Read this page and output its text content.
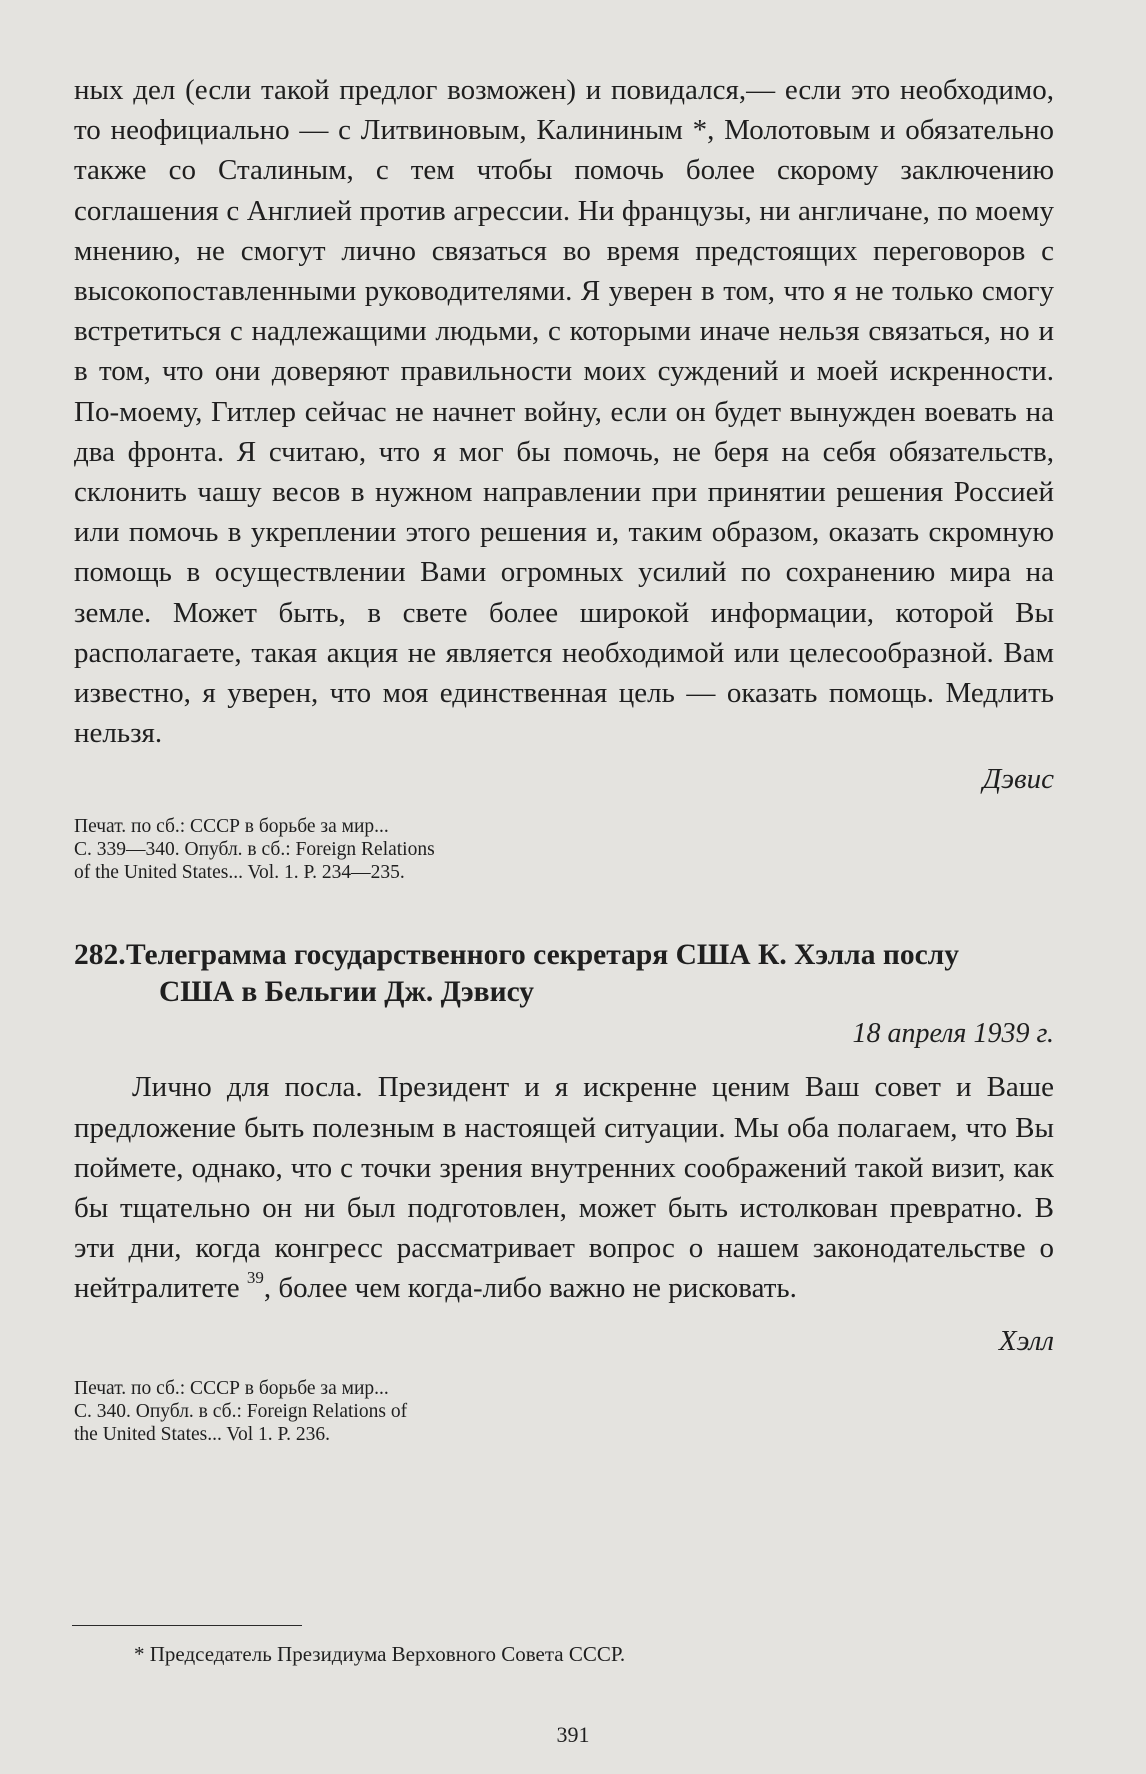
ных дел (если такой предлог возможен) и повидался,— если это необходимо, то неофициально — с Литвиновым, Калининым *, Молотовым и обязательно также со Сталиным, с тем чтобы помочь более скорому заключению соглашения с Англией против агрессии. Ни французы, ни англичане, по моему мнению, не смогут лично связаться во время предстоящих переговоров с высокопоставленными руководителями. Я уверен в том, что я не только смогу встретиться с надлежащими людьми, с которыми иначе нельзя связаться, но и в том, что они доверяют правильности моих суждений и моей искренности. По-моему, Гитлер сейчас не начнет войну, если он будет вынужден воевать на два фронта. Я считаю, что я мог бы помочь, не беря на себя обязательств, склонить чашу весов в нужном направлении при принятии решения Россией или помочь в укреплении этого решения и, таким образом, оказать скромную помощь в осуществлении Вами огромных усилий по сохранению мира на земле. Может быть, в свете более широкой информации, которой Вы располагаете, такая акция не является необходимой или целесообразной. Вам известно, я уверен, что моя единственная цель — оказать помощь. Медлить нельзя.

Дэвис

Печат. по сб.: СССР в борьбе за мир...

С. 339—340. Опубл. в сб.: Foreign Relations

of the United States... Vol. 1. P. 234—235.

282.Телеграмма государственного секретаря США К. Хэлла послу

США в Бельгии Дж. Дэвису

18 апреля 1939 г.

Лично для посла. Президент и я искренне ценим Ваш совет и Ваше предложение быть полезным в настоящей ситуации. Мы оба полагаем, что Вы поймете, однако, что с точки зрения внутренних соображений такой визит, как бы тщательно он ни был подготовлен, может быть истолкован превратно. В эти дни, когда конгресс рассматривает вопрос о нашем законодательстве о нейтралитете $^{39}$, более чем когда-либо важно не рисковать.

Хэлл

Печат. по сб.: СССР в борьбе за мир...

С. 340. Опубл. в сб.: Foreign Relations of

the United States... Vol 1. P. 236.

* Председатель Президиума Верховного Совета СССР.

391
